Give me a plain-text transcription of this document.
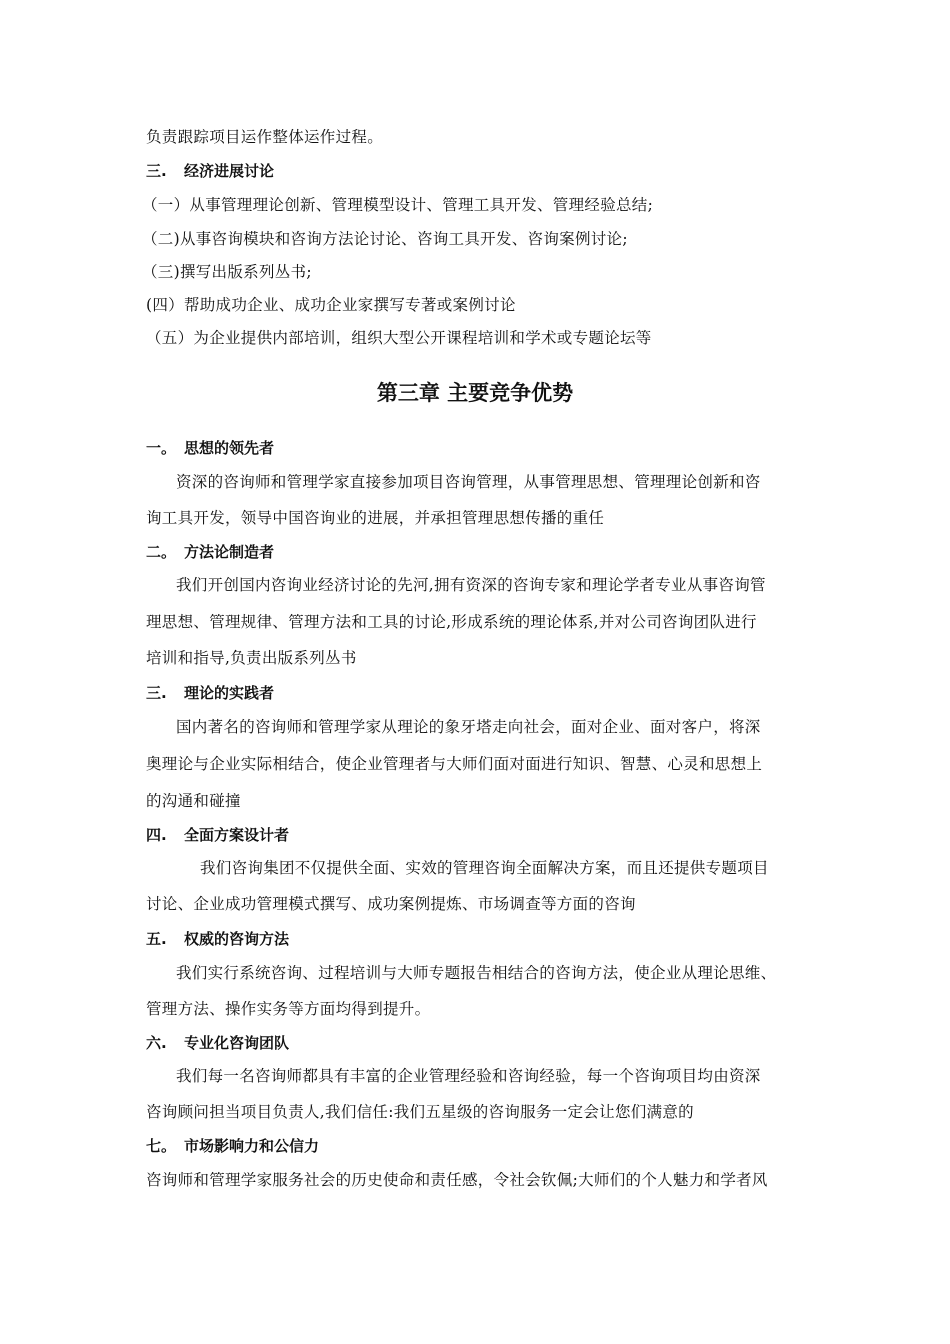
负责跟踪项目运作整体运作过程。
三. 经济进展讨论
（一）从事管理理论创新、管理模型设计、管理工具开发、管理经验总结;
（二)从事咨询模块和咨询方法论讨论、咨询工具开发、咨询案例讨论;
（三)撰写出版系列丛书;
(四）帮助成功企业、成功企业家撰写专著或案例讨论
（五）为企业提供内部培训，组织大型公开课程培训和学术或专题论坛等
第三章 主要竞争优势
一。 思想的领先者
资深的咨询师和管理学家直接参加项目咨询管理，从事管理思想、管理理论创新和咨
询工具开发，领导中国咨询业的进展，并承担管理思想传播的重任
二。 方法论制造者
我们开创国内咨询业经济讨论的先河,拥有资深的咨询专家和理论学者专业从事咨询管
理思想、管理规律、管理方法和工具的讨论,形成系统的理论体系,并对公司咨询团队进行
培训和指导,负责出版系列丛书
三. 理论的实践者
国内著名的咨询师和管理学家从理论的象牙塔走向社会，面对企业、面对客户，将深
奥理论与企业实际相结合，使企业管理者与大师们面对面进行知识、智慧、心灵和思想上
的沟通和碰撞
四. 全面方案设计者
我们咨询集团不仅提供全面、实效的管理咨询全面解决方案，而且还提供专题项目
讨论、企业成功管理模式撰写、成功案例提炼、市场调查等方面的咨询
五. 权威的咨询方法
我们实行系统咨询、过程培训与大师专题报告相结合的咨询方法，使企业从理论思维、
管理方法、操作实务等方面均得到提升。
六. 专业化咨询团队
我们每一名咨询师都具有丰富的企业管理经验和咨询经验，每一个咨询项目均由资深
咨询顾问担当项目负责人,我们信任:我们五星级的咨询服务一定会让您们满意的
七。 市场影响力和公信力
咨询师和管理学家服务社会的历史使命和责任感，令社会钦佩;大师们的个人魅力和学者风
